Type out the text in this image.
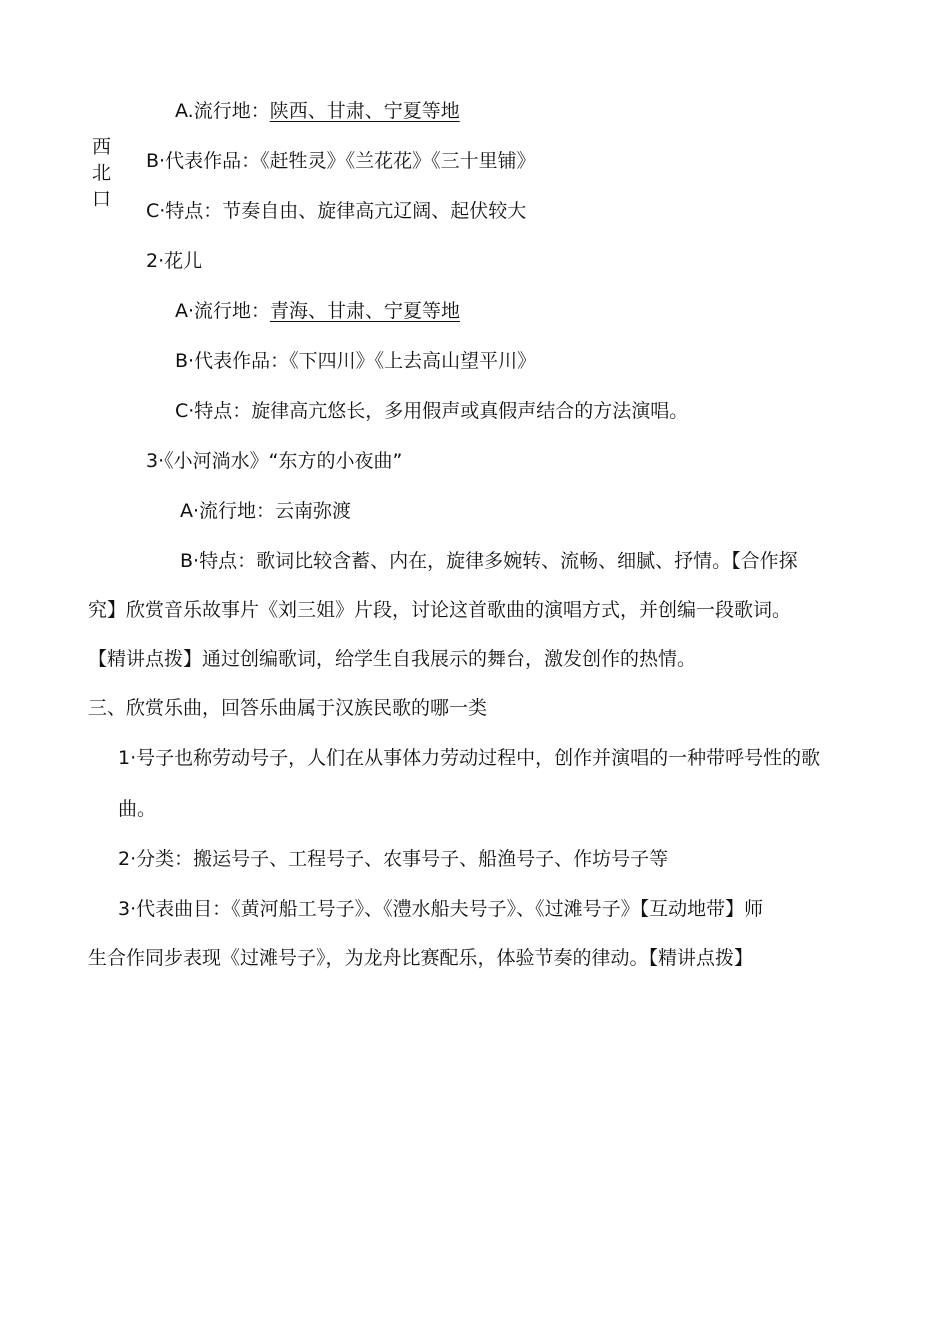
西
北
口
A.流行地：陕西、甘肃、宁夏等地
B·代表作品：《赶牲灵》《兰花花》《三十里铺》
C·特点：节奏自由、旋律高亢辽阔、起伏较大
2·花儿
A·流行地：青海、甘肃、宁夏等地
B·代表作品：《下四川》《上去高山望平川》
C·特点：旋律高亢悠长，多用假声或真假声结合的方法演唱。
3·《小河淌水》“东方的小夜曲”
A·流行地：云南弥渡
B·特点：歌词比较含蓄、内在，旋律多婉转、流畅、细腻、抒情。【合作探
究】欣赏音乐故事片《刘三姐》片段，讨论这首歌曲的演唱方式，并创编一段歌词。
【精讲点拨】通过创编歌词，给学生自我展示的舞台，激发创作的热情。
三、欣赏乐曲，回答乐曲属于汉族民歌的哪一类
1·号子也称劳动号子，人们在从事体力劳动过程中，创作并演唱的一种带呼号性的歌
曲。
2·分类：搬运号子、工程号子、农事号子、船渔号子、作坊号子等
3·代表曲目：《黄河船工号子》、《澧水船夫号子》、《过滩号子》【互动地带】师
生合作同步表现《过滩号子》，为龙舟比赛配乐，体验节奏的律动。【精讲点拨】
